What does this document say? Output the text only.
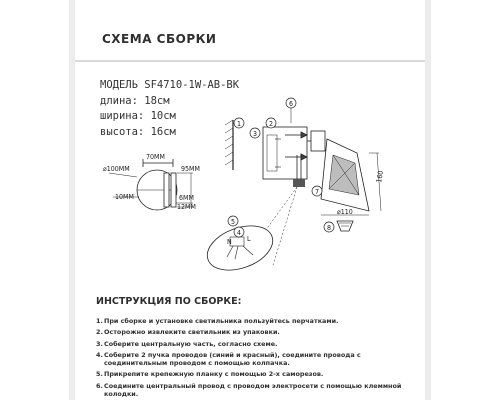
СХЕМА СБОРКИ
МОДЕЛЬ SF4710-1W-AB-BK
длина: 18см
ширина: 10см
высота: 16см
70MM
⌀100MM	95MM
10MM	6MM
12MM
1	2
3
6
160
⌀110
7
8
N L
5
4
ИНСТРУКЦИЯ ПО СБОРКЕ:
1. При сборке и установке светильника пользуйтесь перчатками.
2. Осторожно извлеките светильник из упаковки.
3. Соберите центральную часть, согласно схеме.
4. Соберите 2 пучка проводов (синий и красный), соедините провода с соединительным проводом с помощью колпачка.
5. Прикрепите крепежную планку с помощью 2-х саморезов.
6. Соедините центральный провод с проводом электросети с помощью клеммной колодки.
